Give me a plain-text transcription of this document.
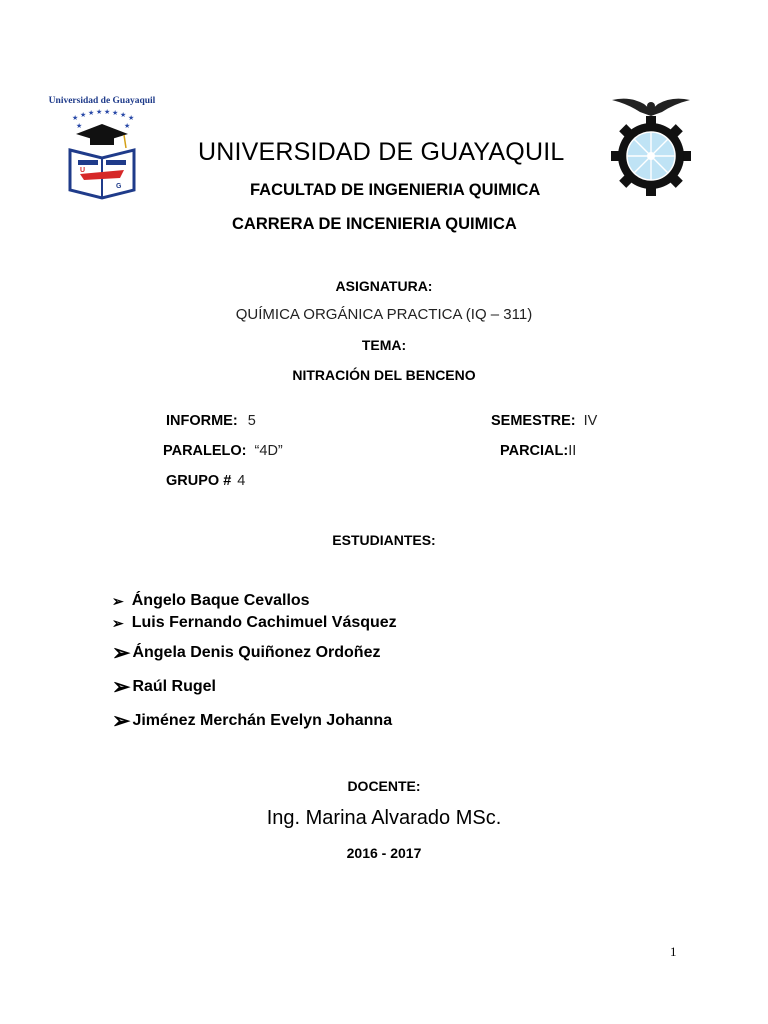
Universidad de Guayaquil
★ ★ ★ ★ ★ ★ ★ ★
★	★
U
G
UNIVERSIDAD DE GUAYAQUIL
FACULTAD DE INGENIERIA QUIMICA
CARRERA DE INCENIERIA QUIMICA
ASIGNATURA:
QUÍMICA ORGÁNICA PRACTICA (IQ – 311)
TEMA:
NITRACIÓN DEL BENCENO
INFORME: 5	SEMESTRE: IV
PARALELO: “4D”	PARCIAL:II
GRUPO # 4
ESTUDIANTES:
➢ Ángelo Baque Cevallos
➢ Luis Fernando Cachimuel Vásquez
➢ Ángela Denis Quiñonez Ordoñez
➢ Raúl Rugel
➢ Jiménez Merchán Evelyn Johanna
DOCENTE:
Ing. Marina Alvarado MSc.
2016 - 2017
1
